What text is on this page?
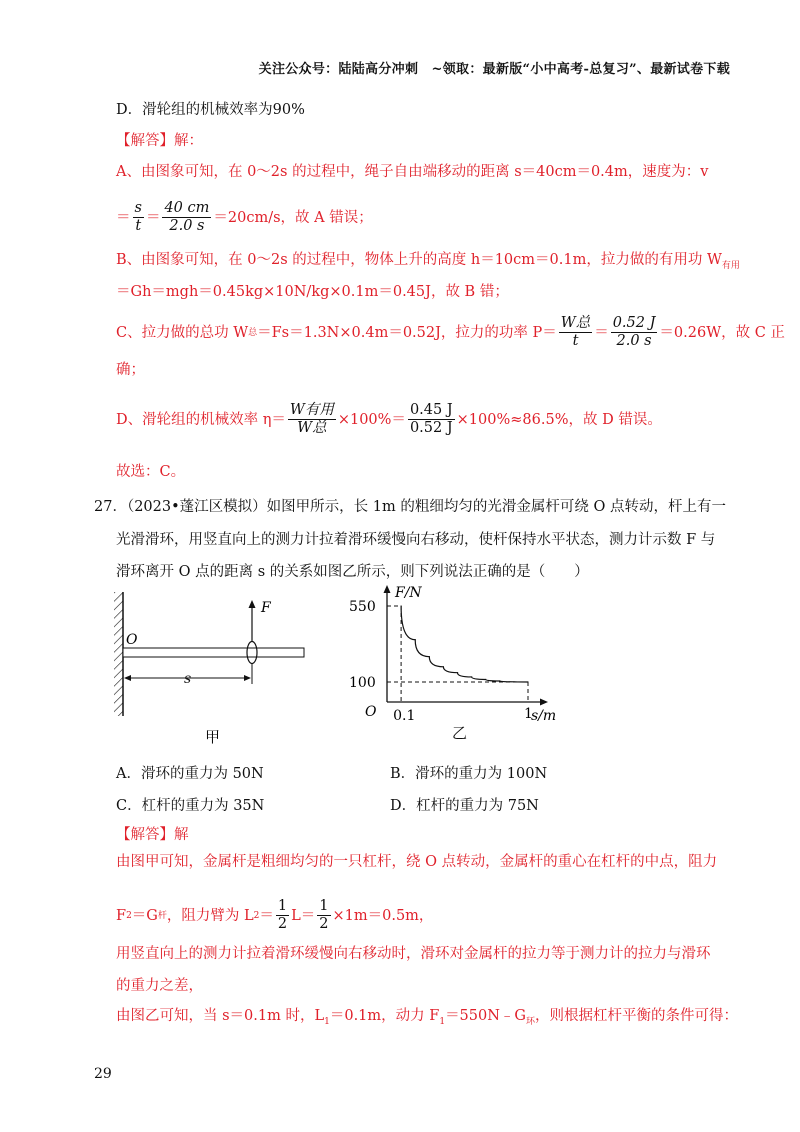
关注公众号：陆陆高分冲刺　~领取：最新版“小中高考-总复习”、最新试卷下载
D．滑轮组的机械效率为90%
【解答】解：
A、由图象可知，在 0～2s 的过程中，绳子自由端移动的距离 s＝40cm＝0.4m，速度为：v
＝ $\frac{s}{t} = \frac{40 cm}{2.0 s} =20cm/s$，故 A 错误；
B、由图象可知，在 0～2s 的过程中，物体上升的高度 h＝10cm＝0.1m，拉力做的有用功 $W_{有用}$
＝Gh＝mgh＝0.45kg×10N/kg×0.1m＝0.45J，故 B 错；
C、拉力做的总功 W 总 ＝Fs＝1.3N×0.4m＝0.52J，拉力的功率 $P= \frac{\text{W总}}{t} = \frac{0.52 J}{2.0 s} =0.26W$，故 C 正
确；
D、滑轮组的机械效率 $\eta= \frac{\text{W有用}}{\text{W总}} \times 100\%= \frac{0.45 J}{0.52 J} \times 100\%\approx 86.5\%$，故 D 错误。
故选：C。
27．（2023•蓬江区模拟）如图甲所示，长 1m 的粗细均匀的光滑金属杆可绕 O 点转动，杆上有一
光滑滑环，用竖直向上的测力计拉着滑环缓慢向右移动，使杆保持水平状态，测力计示数 F 与
滑环离开 O 点的距离 s 的关系如图乙所示，则下列说法正确的是（　　）
F
O
s
甲
F/N
s/m
O
550
100
0.1	1
乙
A．滑环的重力为 50N	B．滑环的重力为 100N
C．杠杆的重力为 35N	D．杠杆的重力为 75N
【解答】解
由图甲可知，金属杆是粗细均匀的一只杠杆，绕 O 点转动，金属杆的重心在杠杆的中点，阻力
F 2 ＝G 杆 ，阻力臂为 L $2 = \frac{1}{2} L= \frac{1}{2} \times 1m=0.5m$，
用竖直向上的测力计拉着滑环缓慢向右移动时，滑环对金属杆的拉力等于测力计的拉力与滑环
的重力之差，
由图乙可知，当 s＝0.1m 时，$L_1=0.1m$，动力 $F_1=550N﹣G_环$，则根据杠杆平衡的条件可得：
29
